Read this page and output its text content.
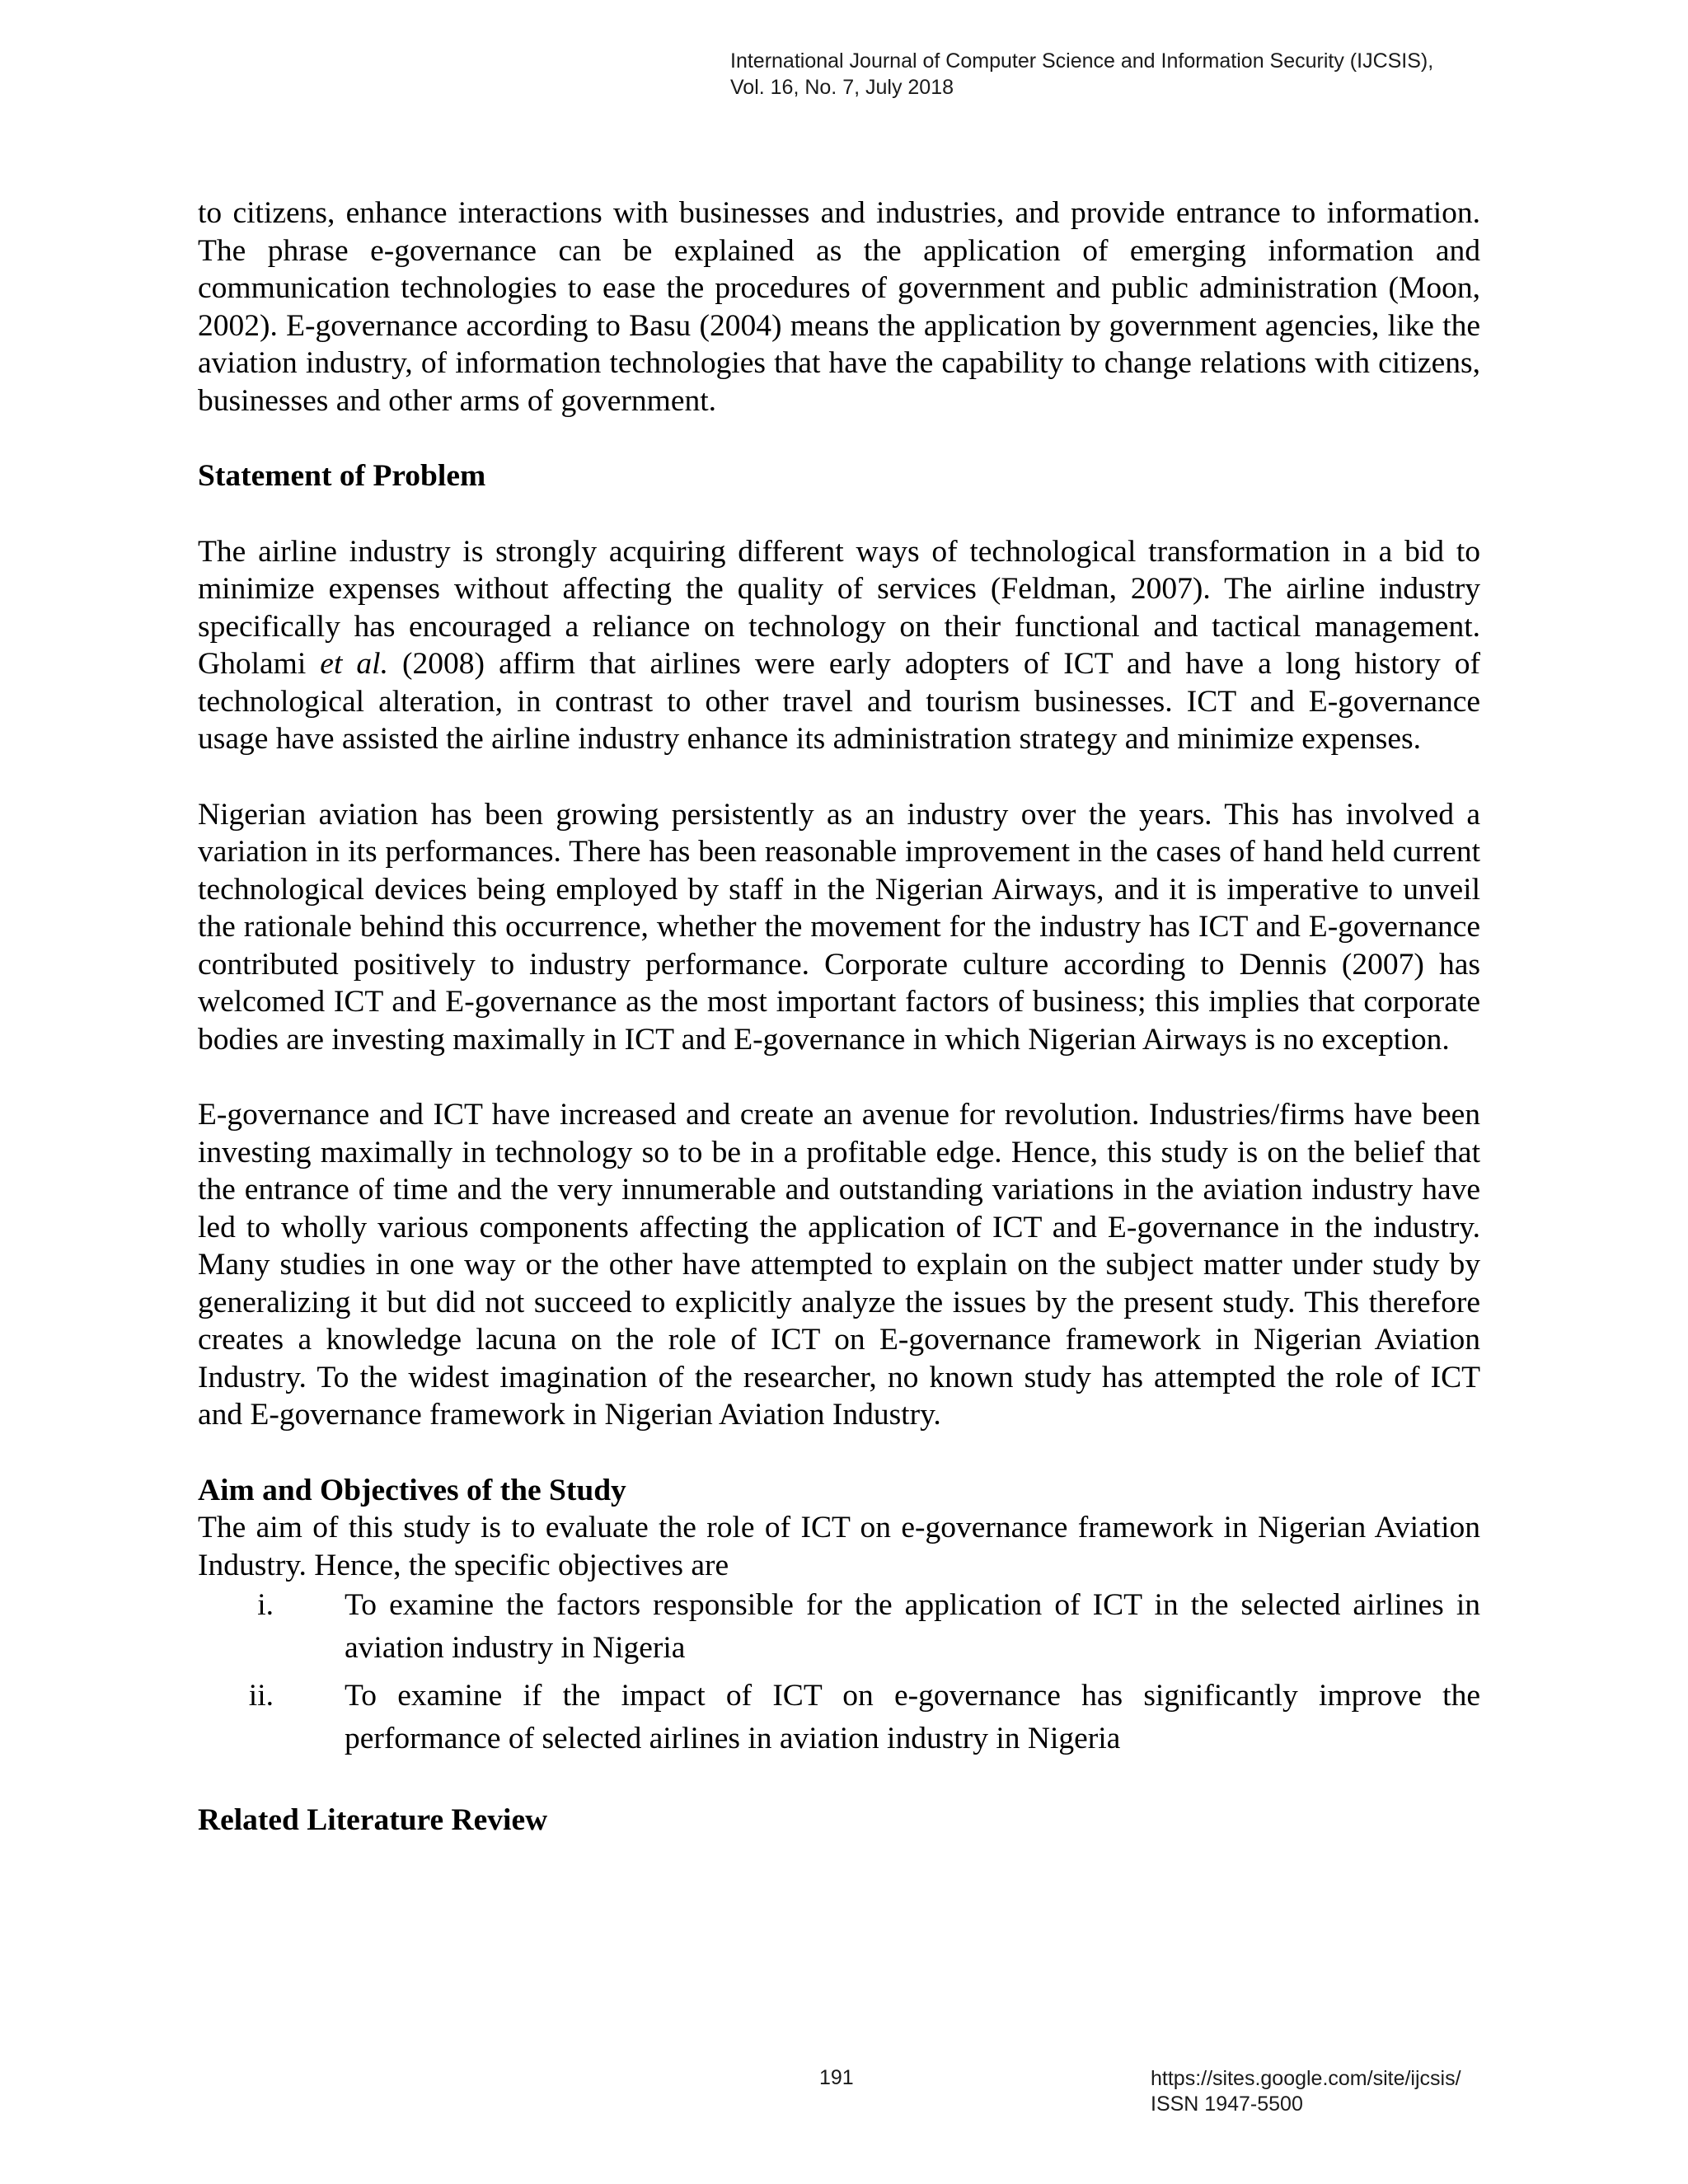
International Journal of Computer Science and Information Security (IJCSIS),
Vol. 16, No. 7, July 2018

to citizens, enhance interactions with businesses and industries, and provide entrance to information. The phrase e-governance can be explained as the application of emerging information and communication technologies to ease the procedures of government and public administration (Moon, 2002). E-governance according to Basu (2004) means the application by government agencies, like the aviation industry, of information technologies that have the capability to change relations with citizens, businesses and other arms of government.

Statement of Problem

The airline industry is strongly acquiring different ways of technological transformation in a bid to minimize expenses without affecting the quality of services (Feldman, 2007). The airline industry specifically has encouraged a reliance on technology on their functional and tactical management. Gholami et al. (2008) affirm that airlines were early adopters of ICT and have a long history of technological alteration, in contrast to other travel and tourism businesses. ICT and E-governance usage have assisted the airline industry enhance its administration strategy and minimize expenses.

Nigerian aviation has been growing persistently as an industry over the years. This has involved a variation in its performances. There has been reasonable improvement in the cases of hand held current technological devices being employed by staff in the Nigerian Airways, and it is imperative to unveil the rationale behind this occurrence, whether the movement for the industry has ICT and E-governance contributed positively to industry performance. Corporate culture according to Dennis (2007) has welcomed ICT and E-governance as the most important factors of business; this implies that corporate bodies are investing maximally in ICT and E-governance in which Nigerian Airways is no exception.

E-governance and ICT have increased and create an avenue for revolution. Industries/firms have been investing maximally in technology so to be in a profitable edge. Hence, this study is on the belief that the entrance of time and the very innumerable and outstanding variations in the aviation industry have led to wholly various components affecting the application of ICT and E-governance in the industry. Many studies in one way or the other have attempted to explain on the subject matter under study by generalizing it but did not succeed to explicitly analyze the issues by the present study. This therefore creates a knowledge lacuna on the role of ICT on E-governance framework in Nigerian Aviation Industry. To the widest imagination of the researcher, no known study has attempted the role of ICT and E-governance framework in Nigerian Aviation Industry.

Aim and Objectives of the Study

The aim of this study is to evaluate the role of ICT on e-governance framework in Nigerian Aviation Industry. Hence, the specific objectives are

i.	To examine the factors responsible for the application of ICT in the selected airlines in aviation industry in Nigeria
ii.	To examine if the impact of ICT on e-governance has significantly improve the performance of selected airlines in aviation industry in Nigeria

Related Literature Review

191	https://sites.google.com/site/ijcsis/
ISSN 1947-5500
